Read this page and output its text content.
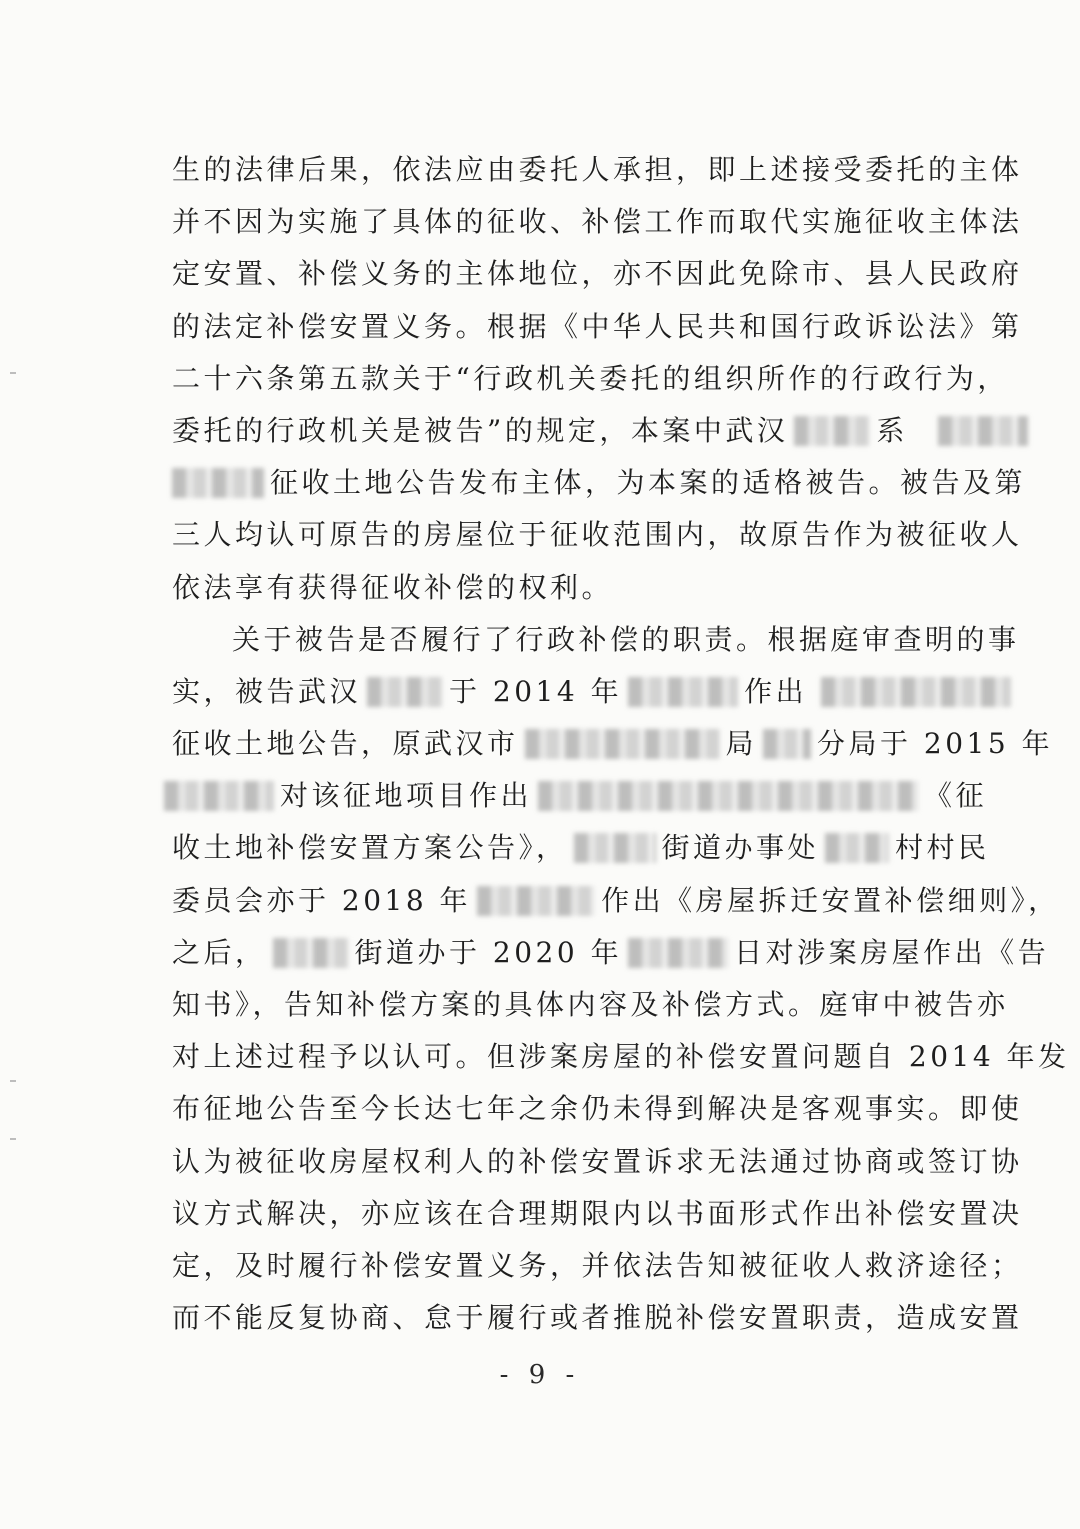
生的法律后果，依法应由委托人承担，即上述接受委托的主体
并不因为实施了具体的征收、补偿工作而取代实施征收主体法
定安置、补偿义务的主体地位，亦不因此免除市、县人民政府
的法定补偿安置义务。根据《中华人民共和国行政诉讼法》第
二十六条第五款关于“行政机关委托的组织所作的行政行为，
委托的行政机关是被告”的规定，本案中武汉	系
征收土地公告发布主体，为本案的适格被告。被告及第
三人均认可原告的房屋位于征收范围内，故原告作为被征收人
依法享有获得征收补偿的权利。
关于被告是否履行了行政补偿的职责。根据庭审查明的事
实，被告武汉	于 2014 年	作出
征收土地公告，原武汉市	局 分局于 2015 年
对该征地项目作出	《征
收土地补偿安置方案公告》，	街道办事处	村村民
委员会亦于 2018 年	作出《房屋拆迁安置补偿细则》，
之后，	街道办于 2020 年	日对涉案房屋作出《告
知书》，告知补偿方案的具体内容及补偿方式。庭审中被告亦
对上述过程予以认可。但涉案房屋的补偿安置问题自 2014 年发
布征地公告至今长达七年之余仍未得到解决是客观事实。即使
认为被征收房屋权利人的补偿安置诉求无法通过协商或签订协
议方式解决，亦应该在合理期限内以书面形式作出补偿安置决
定，及时履行补偿安置义务，并依法告知被征收人救济途径；
而不能反复协商、怠于履行或者推脱补偿安置职责，造成安置
- 9 -
